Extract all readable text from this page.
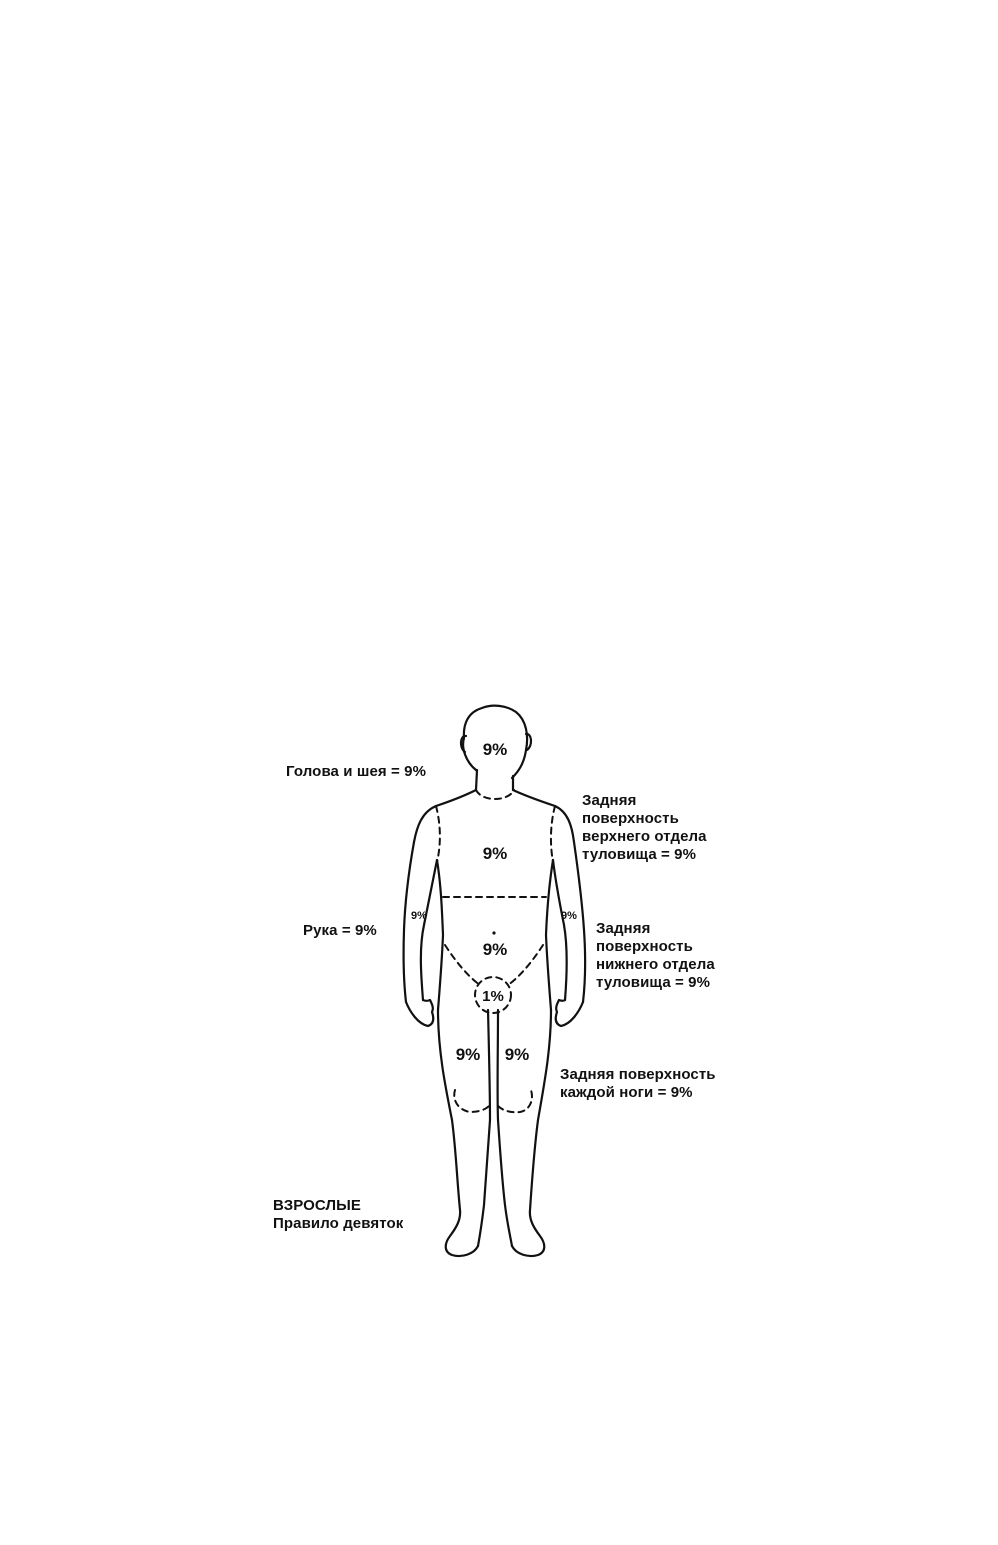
9%
9%
9%
1%
9%	9%
9% 9%
Голова и шея = 9%
Задняя
поверхность
верхнего отдела
туловища = 9%
Рука = 9%	Задняя
поверхность
нижнего отдела
туловища = 9%
Задняя поверхность
каждой ноги = 9%
ВЗРОСЛЫЕ
Правило девяток
